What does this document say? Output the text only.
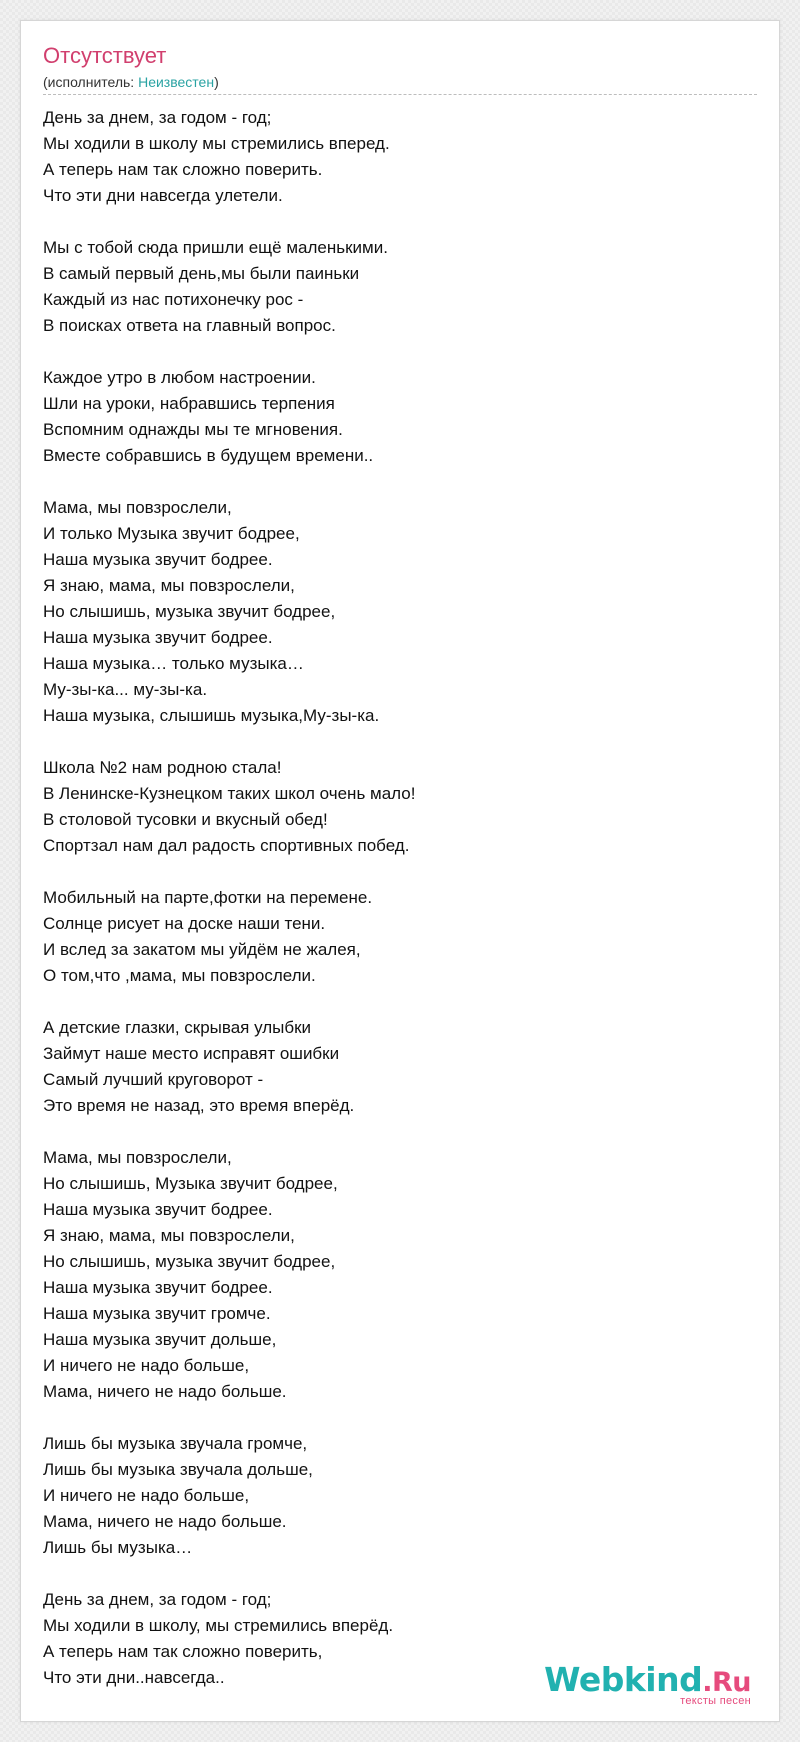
Отсутствует
(исполнитель: Неизвестен)
День за днем, за годом - год;
Мы ходили в школу мы стремились вперед.
А теперь нам так сложно поверить.
Что эти дни навсегда улетели.
Мы с тобой сюда пришли ещё маленькими.
В самый первый день,мы были паиньки
Каждый из нас потихонечку рос -
В поисках ответа на главный вопрос.
Каждое утро в любом настроении.
Шли на уроки, набравшись терпения
Вспомним однажды мы те мгновения.
Вместе собравшись в будущем времени..
Мама, мы повзрослели,
И только Музыка звучит бодрее,
Наша музыка звучит бодрее.
Я знаю, мама, мы повзрослели,
Но слышишь, музыка звучит бодрее,
Наша музыка звучит бодрее.
Наша музыка… только музыка…
Му-зы-ка... му-зы-ка.
Наша музыка, слышишь музыка,Му-зы-ка.
Школа №2 нам родною стала!
В Ленинске-Кузнецком таких школ очень мало!
В столовой тусовки и вкусный обед!
Спортзал нам дал радость спортивных побед.
Мобильный на парте,фотки на перемене.
Солнце рисует на доске наши тени.
И вслед за закатом мы уйдём не жалея,
О том,что ,мама, мы повзрослели.
А детские глазки, скрывая улыбки
Займут наше место исправят ошибки
Самый лучший круговорот -
Это время не назад, это время вперёд.
Мама, мы повзрослели,
Но слышишь, Музыка звучит бодрее,
Наша музыка звучит бодрее.
Я знаю, мама, мы повзрослели,
Но слышишь, музыка звучит бодрее,
Наша музыка звучит бодрее.
Наша музыка звучит громче.
Наша музыка звучит дольше,
И ничего не надо больше,
Мама, ничего не надо больше.
Лишь бы музыка звучала громче,
Лишь бы музыка звучала дольше,
И ничего не надо больше,
Мама, ничего не надо больше.
Лишь бы музыка…
День за днем, за годом - год;
Мы ходили в школу, мы стремились вперёд.
А теперь нам так сложно поверить,
Что эти дни..навсегда..	Webkind.Ru
тексты песен
